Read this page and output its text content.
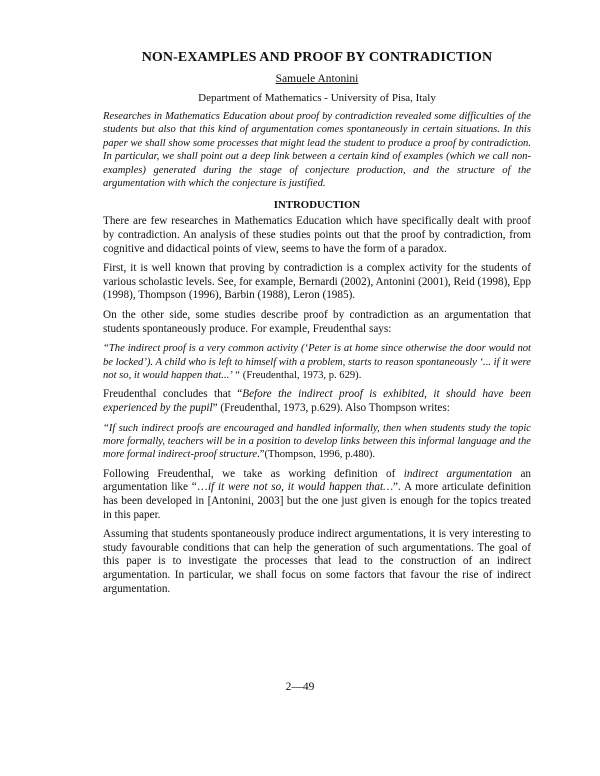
NON-EXAMPLES AND PROOF BY CONTRADICTION
Samuele Antonini
Department of Mathematics - University of Pisa, Italy

Researches in Mathematics Education about proof by contradiction revealed some difficulties of the students but also that this kind of argumentation comes spontaneously in certain situations. In this paper we shall show some processes that might lead the student to produce a proof by contradiction. In particular, we shall point out a deep link between a certain kind of examples (which we call non-examples) generated during the stage of conjecture production, and the structure of the argumentation with which the conjecture is justified.

INTRODUCTION

There are few researches in Mathematics Education which have specifically dealt with proof by contradiction. An analysis of these studies points out that the proof by contradiction, from cognitive and didactical points of view, seems to have the form of a paradox.

First, it is well known that proving by contradiction is a complex activity for the students of various scholastic levels. See, for example, Bernardi (2002), Antonini (2001), Reid (1998), Epp (1998), Thompson (1996), Barbin (1988), Leron (1985).

On the other side, some studies describe proof by contradiction as an argumentation that students spontaneously produce. For example, Freudenthal says:

“The indirect proof is a very common activity (‘Peter is at home since otherwise the door would not be locked’). A child who is left to himself with a problem, starts to reason spontaneously ‘... if it were not so, it would happen that...’ “ (Freudenthal, 1973, p. 629).

Freudenthal concludes that “Before the indirect proof is exhibited, it should have been experienced by the pupil” (Freudenthal, 1973, p.629). Also Thompson writes:

“If such indirect proofs are encouraged and handled informally, then when students study the topic more formally, teachers will be in a position to develop links between this informal language and the more formal indirect-proof structure.”(Thompson, 1996, p.480).

Following Freudenthal, we take as working definition of indirect argumentation an argumentation like “…if it were not so, it would happen that…”. A more articulate definition has been developed in [Antonini, 2003] but the one just given is enough for the topics treated in this paper.

Assuming that students spontaneously produce indirect argumentations, it is very interesting to study favourable conditions that can help the generation of such argumentations. The goal of this paper is to investigate the processes that lead to the construction of an indirect argumentation. In particular, we shall focus on some factors that favour the rise of indirect argumentation.

2—49
